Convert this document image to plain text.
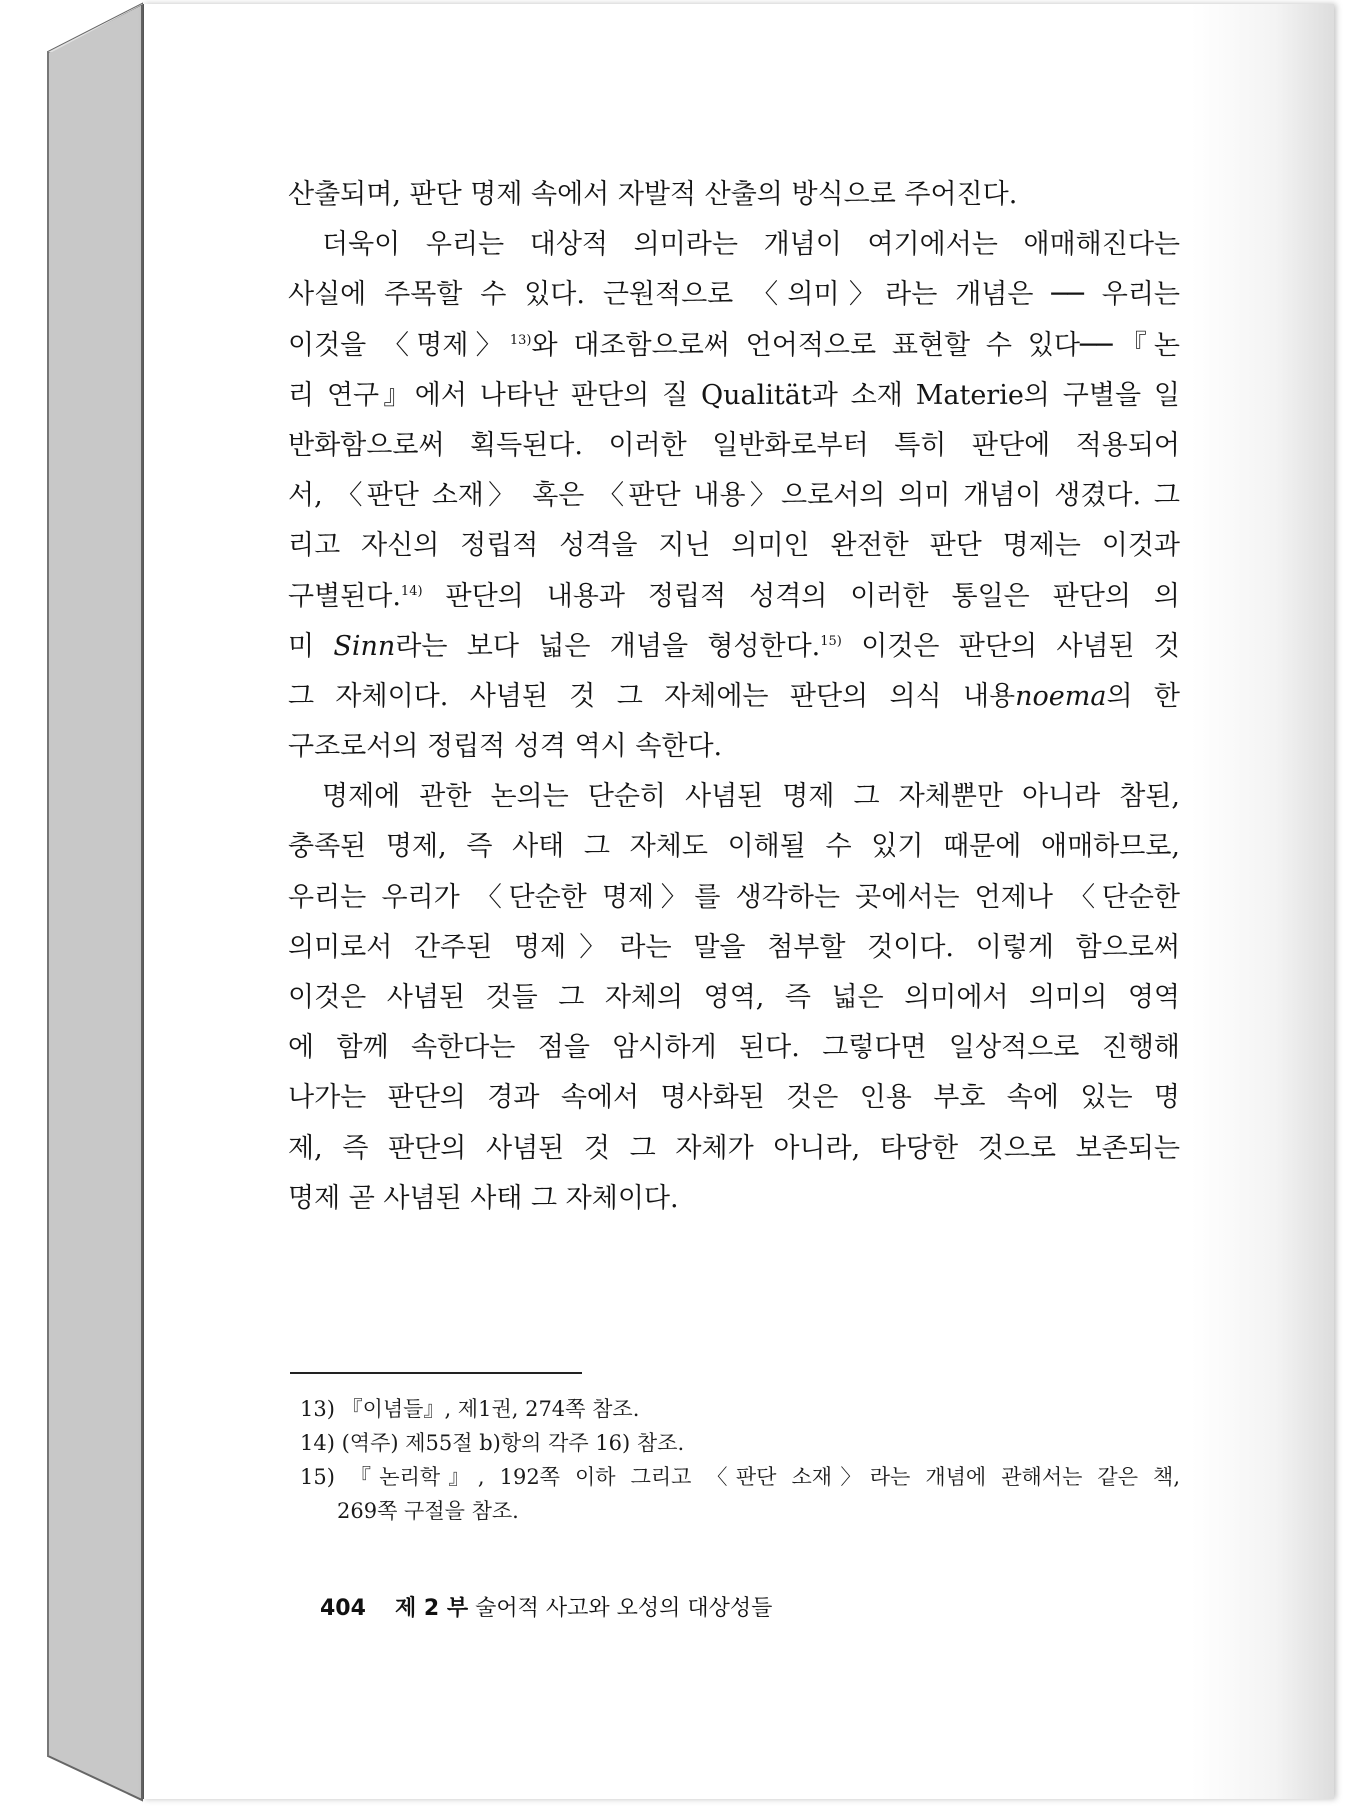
산출되며, 판단 명제 속에서 자발적 산출의 방식으로 주어진다.
더욱이 우리는 대상적 의미라는 개념이 여기에서는 애매해진다는
사실에 주목할 수 있다. 근원적으로 〈의미〉라는 개념은 ── 우리는
이것을 〈명제〉$^{13)}$와 대조함으로써 언어적으로 표현할 수 있다──『논
리 연구』에서 나타난 판단의 질 Qualität과 소재 Materie의 구별을 일
반화함으로써 획득된다. 이러한 일반화로부터 특히 판단에 적용되어
서, 〈판단 소재〉 혹은 〈판단 내용〉으로서의 의미 개념이 생겼다. 그
리고 자신의 정립적 성격을 지닌 의미인 완전한 판단 명제는 이것과
구별된다.$^{14)}$ 판단의 내용과 정립적 성격의 이러한 통일은 판단의 의
미 Sinn라는 보다 넓은 개념을 형성한다.$^{15)}$ 이것은 판단의 사념된 것
그 자체이다. 사념된 것 그 자체에는 판단의 의식 내용noema의 한
구조로서의 정립적 성격 역시 속한다.
명제에 관한 논의는 단순히 사념된 명제 그 자체뿐만 아니라 참된,
충족된 명제, 즉 사태 그 자체도 이해될 수 있기 때문에 애매하므로,
우리는 우리가 〈단순한 명제〉를 생각하는 곳에서는 언제나 〈단순한
의미로서 간주된 명제〉라는 말을 첨부할 것이다. 이렇게 함으로써
이것은 사념된 것들 그 자체의 영역, 즉 넓은 의미에서 의미의 영역
에 함께 속한다는 점을 암시하게 된다. 그렇다면 일상적으로 진행해
나가는 판단의 경과 속에서 명사화된 것은 인용 부호 속에 있는 명
제, 즉 판단의 사념된 것 그 자체가 아니라, 타당한 것으로 보존되는
명제 곧 사념된 사태 그 자체이다.
13) 『이념들』, 제1권, 274쪽 참조.
14) (역주) 제55절 b)항의 각주 16) 참조.
15) 『논리학』, 192쪽 이하 그리고 〈판단 소재〉라는 개념에 관해서는 같은 책,
269쪽 구절을 참조.
404 제 2 부 술어적 사고와 오성의 대상성들
